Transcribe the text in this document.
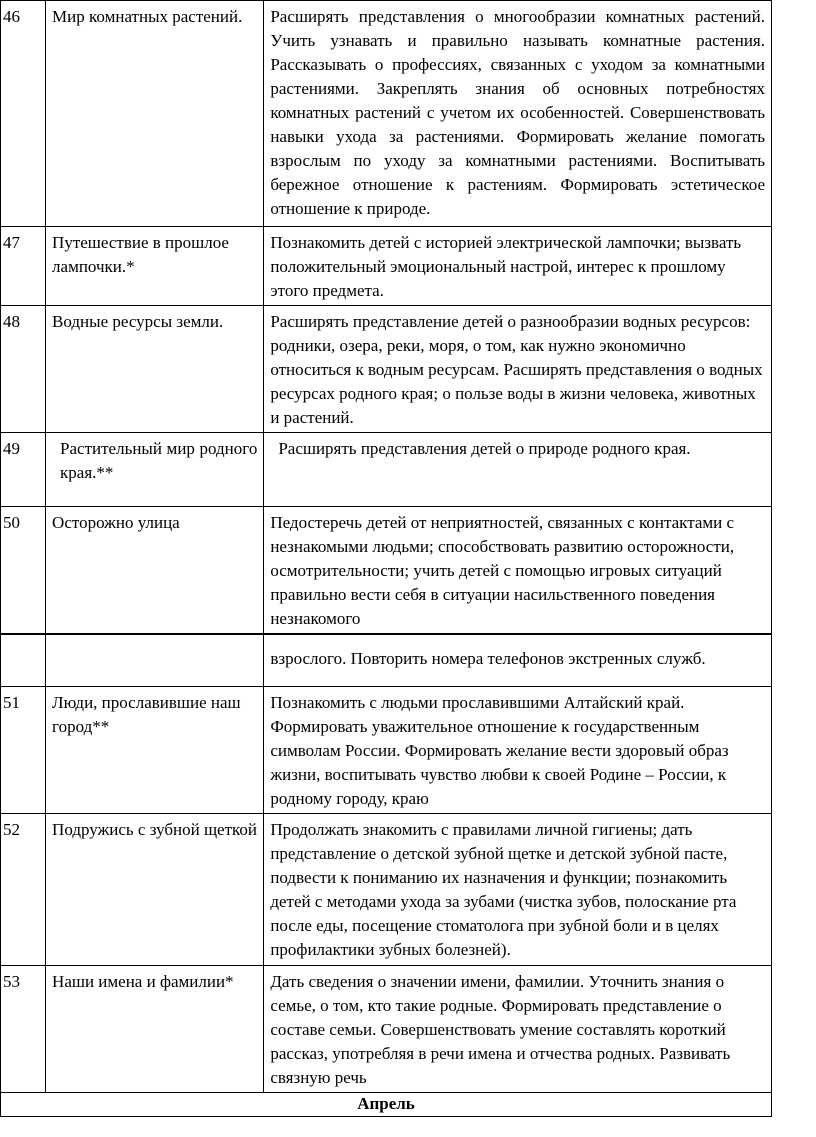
46	Мир комнатных растений.	Расширять представления о многообразии комнатных растений. Учить узнавать и правильно называть комнатные растения. Рассказывать о профессиях, связанных с уходом за комнатными растениями. Закреплять знания об основных потребностях комнатных растений с учетом их особенностей. Совершенствовать навыки ухода за растениями. Формировать желание помогать взрослым по уходу за комнатными растениями. Воспитывать бережное отношение к растениям. Формировать эстетическое отношение к природе.
47	Путешествие в прошлое лампочки.*	Познакомить детей с историей электрической лампочки; вызвать положительный эмоциональный настрой, интерес к прошлому этого предмета.
48	Водные ресурсы земли.	Расширять представление детей о разнообразии водных ресурсов: родники, озера, реки, моря, о том, как нужно экономично относиться к водным ресурсам. Расширять представления о водных ресурсах родного края; о пользе воды в жизни человека, животных и растений.
49	Растительный мир родного края.**	Расширять представления детей о природе родного края.
50	Осторожно улица	Педостеречь детей от неприятностей, связанных с контактами с незнакомыми людьми; способствовать развитию осторожности, осмотрительности; учить детей с помощью игровых ситуаций правильно вести себя в ситуации насильственного поведения незнакомого
		взрослого. Повторить номера телефонов экстренных служб.
51	Люди, прославившие наш город**	Познакомить с людьми прославившими Алтайский край. Формировать уважительное отношение к государственным символам России. Формировать желание вести здоровый образ жизни, воспитывать чувство любви к своей Родине – России, к родному городу, краю
52	Подружись с зубной щеткой	Продолжать знакомить с правилами личной гигиены; дать представление о детской зубной щетке и детской зубной пасте, подвести к пониманию их назначения и функции; познакомить детей с методами ухода за зубами (чистка зубов, полоскание рта после еды, посещение стоматолога при зубной боли и в целях профилактики зубных болезней).
53	Наши имена и фамилии*	Дать сведения о значении имени, фамилии. Уточнить знания о семье, о том, кто такие родные. Формировать представление о составе семьи. Совершенствовать умение составлять короткий рассказ, употребляя в речи имена и отчества родных. Развивать связную речь
Апрель		
